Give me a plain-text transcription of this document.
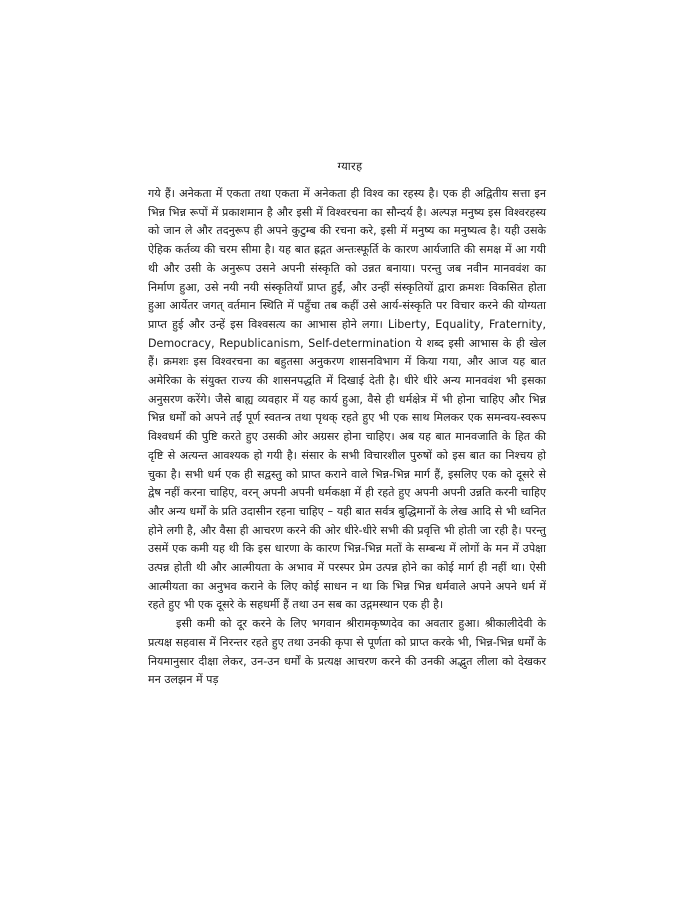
ग्यारह

गये हैं। अनेकता में एकता तथा एकता में अनेकता ही विश्व का रहस्य है। एक ही अद्वितीय सत्ता इन भिन्न भिन्न रूपों में प्रकाशमान है और इसी में विश्वरचना का सौन्दर्य है। अल्पज्ञ मनुष्य इस विश्वरहस्य को जान ले और तदनुरूप ही अपने कुटुम्ब की रचना करे, इसी में मनुष्य का मनुष्यत्व है। यही उसके ऐहिक कर्तव्य की चरम सीमा है। यह बात ह्रद्गत अन्तःस्फूर्ति के कारण आर्यजाति की समक्ष में आ गयी थी और उसी के अनुरूप उसने अपनी संस्कृति को उन्नत बनाया। परन्तु जब नवीन मानववंश का निर्माण हुआ, उसे नयी नयी संस्कृतियाँ प्राप्त हुईं, और उन्हीं संस्कृतियों द्वारा क्रमशः विकसित होता हुआ आर्येतर जगत् वर्तमान स्थिति में पहुँचा तब कहीं उसे आर्य-संस्कृति पर विचार करने की योग्यता प्राप्त हुई और उन्हें इस विश्वसत्य का आभास होने लगा। Liberty, Equality, Fraternity, Democracy, Republicanism, Self-determination ये शब्द इसी आभास के ही खेल हैं। क्रमशः इस विश्वरचना का बहुतसा अनुकरण शासनविभाग में किया गया, और आज यह बात अमेरिका के संयुक्त राज्य की शासनपद्धति में दिखाई देती है। धीरे धीरे अन्य मानववंश भी इसका अनुसरण करेंगे। जैसे बाह्य व्यवहार में यह कार्य हुआ, वैसे ही धर्मक्षेत्र में भी होना चाहिए और भिन्न भिन्न धर्मों को अपने तईं पूर्ण स्वतन्त्र तथा पृथक् रहते हुए भी एक साथ मिलकर एक समन्वय-स्वरूप विश्वधर्म की पुष्टि करते हुए उसकी ओर अग्रसर होना चाहिए। अब यह बात मानवजाति के हित की दृष्टि से अत्यन्त आवश्यक हो गयी है। संसार के सभी विचारशील पुरुषों को इस बात का निश्चय हो चुका है। सभी धर्म एक ही सद्वस्तु को प्राप्त कराने वाले भिन्न-भिन्न मार्ग हैं, इसलिए एक को दूसरे से द्वेष नहीं करना चाहिए, वरन् अपनी अपनी धर्मकक्षा में ही रहते हुए अपनी अपनी उन्नति करनी चाहिए और अन्य धर्मों के प्रति उदासीन रहना चाहिए – यही बात सर्वत्र बुद्धिमानों के लेख आदि से भी ध्वनित होने लगी है, और वैसा ही आचरण करने की ओर धीरे-धीरे सभी की प्रवृत्ति भी होती जा रही है। परन्तु उसमें एक कमी यह थी कि इस धारणा के कारण भिन्न-भिन्न मतों के सम्बन्ध में लोगों के मन में उपेक्षा उत्पन्न होती थी और आत्मीयता के अभाव में परस्पर प्रेम उत्पन्न होने का कोई मार्ग ही नहीं था। ऐसी आत्मीयता का अनुभव कराने के लिए कोई साधन न था कि भिन्न भिन्न धर्मवाले अपने अपने धर्म में रहते हुए भी एक दूसरे के सहधर्मी हैं तथा उन सब का उद्गमस्थान एक ही है।

इसी कमी को दूर करने के लिए भगवान श्रीरामकृष्णदेव का अवतार हुआ। श्रीकालीदेवी के प्रत्यक्ष सहवास में निरन्तर रहते हुए तथा उनकी कृपा से पूर्णता को प्राप्त करके भी, भिन्न-भिन्न धर्मों के नियमानुसार दीक्षा लेकर, उन-उन धर्मों के प्रत्यक्ष आचरण करने की उनकी अद्भुत लीला को देखकर मन उलझन में पड़
